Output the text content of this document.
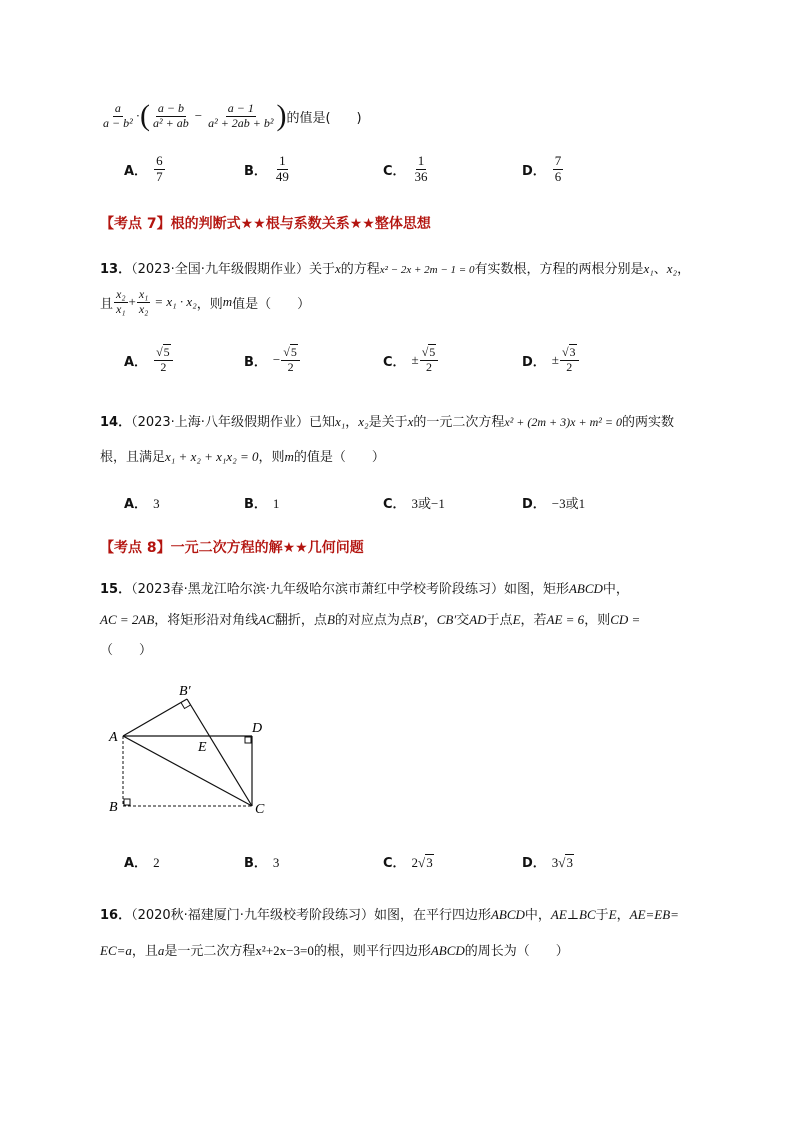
$\frac{a}{\text{a − b²}}$ · ( $\frac{a - b}{\text{a² + ab}} - \frac{a - 1}{\text{a² + 2ab + b²}}$ ) 的值是(　　)
A． $\frac{6}{7}$	B． $\frac{1}{49}$	C． $\frac{1}{36}$	D． $\frac{7}{6}$
【考点 7】根的判断式★★根与系数关系★★整体思想
13．（2023·全国·九年级假期作业）关于x的方程x² − 2x + 2m − 1 = 0有实数根，方程的两根分别是x₁、x₂，
且 $\frac{\text{x₂}}{\text{x₁}} + \frac{\text{x₁}}{\text{x₂}} = x_1 \cdot x_2$ ，则 m 值是（　　）
A． $\frac{√5}{2}$	B． − $\frac{√5}{2}$	C． ± $\frac{√5}{2}$	D． ± $\frac{√3}{2}$
14．（2023·上海·八年级假期作业）已知x₁，x₂是关于x的一元二次方程x² + (2m + 3)x + m² = 0的两实数
根，且满足x₁ + x₂ + x₁x₂ = 0，则m的值是（　　）
A． 3	B． 1	C． 3或−1	D． −3或1
【考点 8】一元二次方程的解★★几何问题
15．（2023春·黑龙江哈尔滨·九年级哈尔滨市萧红中学校考阶段练习）如图，矩形ABCD中，
AC = 2AB，将矩形沿对角线AC翻折，点B的对应点为点B′，CB′交AD于点E，若AE = 6，则CD =
（　　）
A
B	C
D
E
B′
A． 2	B． 3	C． 2√3	D． 3√3
16．（2020秋·福建厦门·九年级校考阶段练习）如图，在平行四边形ABCD中，AE⊥BC于E，AE=EB=
EC=a，且a是一元二次方程x²+2x−3=0的根，则平行四边形ABCD的周长为（　　）
